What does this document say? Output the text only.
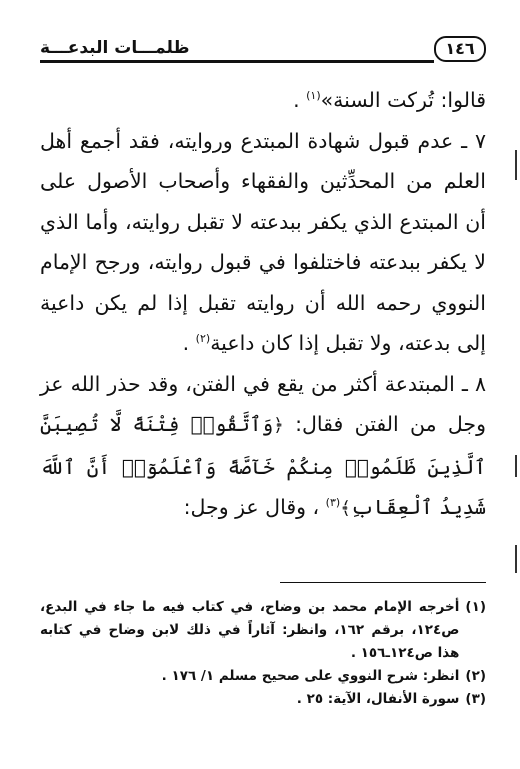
١٤٦
ظلمـــات البدعـــة

قالوا: تُركت السنة»$^{(١)}$ .

٧ ـ عدم قبول شهادة المبتدع وروايته، فقد أجمع أهل العلم من المحدِّثين والفقهاء وأصحاب الأصول على أن المبتدع الذي يكفر ببدعته لا تقبل روايته، وأما الذي لا يكفر ببدعته فاختلفوا في قبول روايته، ورجح الإمام النووي رحمه الله أن روايته تقبل إذا لم يكن داعية إلى بدعته، ولا تقبل إذا كان داعية$^{(٢)}$ .

٨ ـ المبتدعة أكثر من يقع في الفتن، وقد حذر الله عز وجل من الفتن فقال: ﴿وَٱتَّقُوا۟ فِتْنَةً لَّا تُصِيبَنَّ ٱلَّذِينَ ظَلَمُوا۟ مِنكُمْ خَآصَّةً وَٱعْلَمُوٓا۟ أَنَّ ٱللَّهَ شَدِيدُ ٱلْعِقَابِ﴾$^{(٣)}$ ، وقال عز وجل:

(١)
أخرجه الإمام محمد بن وضاح، في كتاب فيه ما جاء في البدع، ص١٢٤، برقم ١٦٢، وانظر: آثاراً في ذلك لابن وضاح في كتابه هذا ص١٢٤ـ١٥٦ .
(٢)
انظر: شرح النووي على صحيح مسلم ١/ ١٧٦ .
(٣)
سورة الأنفال، الآية: ٢٥ .
